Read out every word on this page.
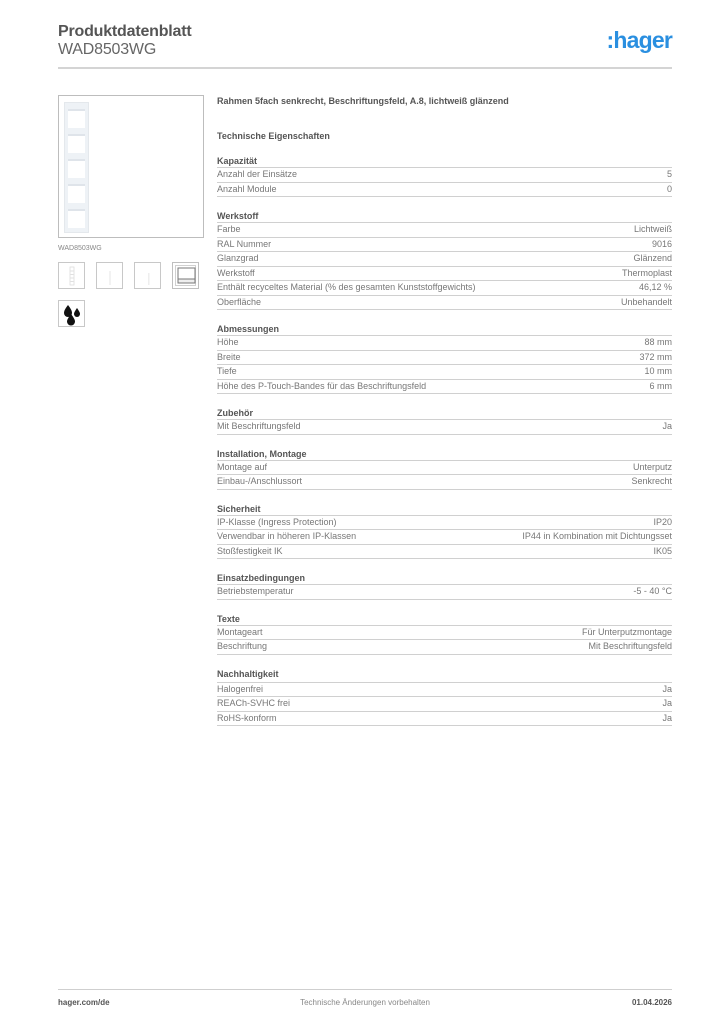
Produktdatenblatt
WAD8503WG	:hager
WAD8503WG
Rahmen 5fach senkrecht, Beschriftungsfeld, A.8, lichtweiß glänzend
Technische Eigenschaften
Kapazität
Anzahl der Einsätze	5
Anzahl Module	0
Werkstoff
Farbe	Lichtweiß
RAL Nummer	9016
Glanzgrad	Glänzend
Werkstoff	Thermoplast
Enthält recyceltes Material (% des gesamten Kunststoffgewichts)	46,12 %
Oberfläche	Unbehandelt
Abmessungen
Höhe	88 mm
Breite	372 mm
Tiefe	10 mm
Höhe des P-Touch-Bandes für das Beschriftungsfeld	6 mm
Zubehör
Mit Beschriftungsfeld	Ja
Installation, Montage
Montage auf	Unterputz
Einbau-/Anschlussort	Senkrecht
Sicherheit
IP-Klasse (Ingress Protection)	IP20
Verwendbar in höheren IP-Klassen	IP44 in Kombination mit Dichtungsset
Stoßfestigkeit IK	IK05
Einsatzbedingungen
Betriebstemperatur	-5 - 40 °C
Texte
Montageart	Für Unterputzmontage
Beschriftung	Mit Beschriftungsfeld
Nachhaltigkeit
Halogenfrei	Ja
REACh-SVHC frei	Ja
RoHS-konform	Ja
hager.com/de	Technische Änderungen vorbehalten	01.04.2026
